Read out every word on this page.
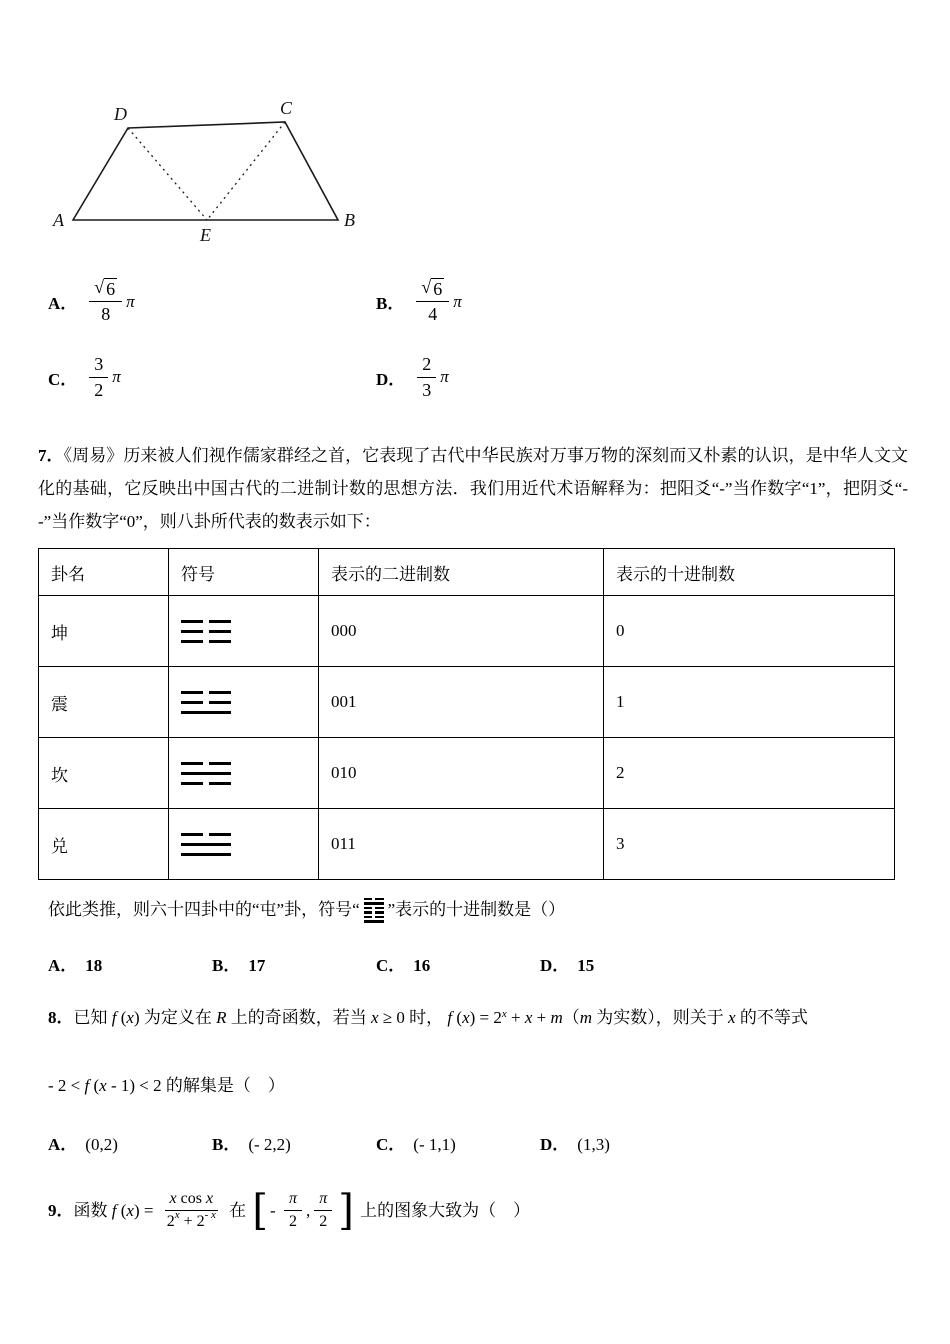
A	B
C
D
E
A． $\frac{√ 6}{8}$ π	B． $\frac{√ 6}{4}$ π
C． $\frac{3}{2}$ π	D． $\frac{2}{3}$ π
7．《周易》历来被人们视作儒家群经之首，它表现了古代中华民族对万事万物的深刻而又朴素的认识，是中华人文文化的基础，它反映出中国古代的二进制计数的思想方法．我们用近代术语解释为：把阳爻“-”当作数字“1”，把阴爻“--”当作数字“0”，则八卦所代表的数表示如下：
卦名	符号	表示的二进制数	表示的十进制数
坤		000	0
震		001	1
坎		010	2
兑		011	3
依此类推，则六十四卦中的“屯”卦，符号“ ”表示的十进制数是（）
A． 18	B． 17	C． 16	D． 15
8． 已知 f ( x ) 为定义在 R 上的奇函数，若当 x ≥ 0 时， f ( x ) = 2 x + x + m （ m 为实数），则关于 x 的不等式
- 2 < f ( x - 1) < 2 的解集是（　）
A． (0,2)	B． (- 2,2)	C． (- 1,1)	D． (1,3)
9． 函数 f ( x ) = $\frac{\text{x cos x}}{2 x + 2 - x}$ 在 [ - $\frac{\pi}{2}$ , $\frac{\pi}{2}$ ] 上的图象大致为（　）
